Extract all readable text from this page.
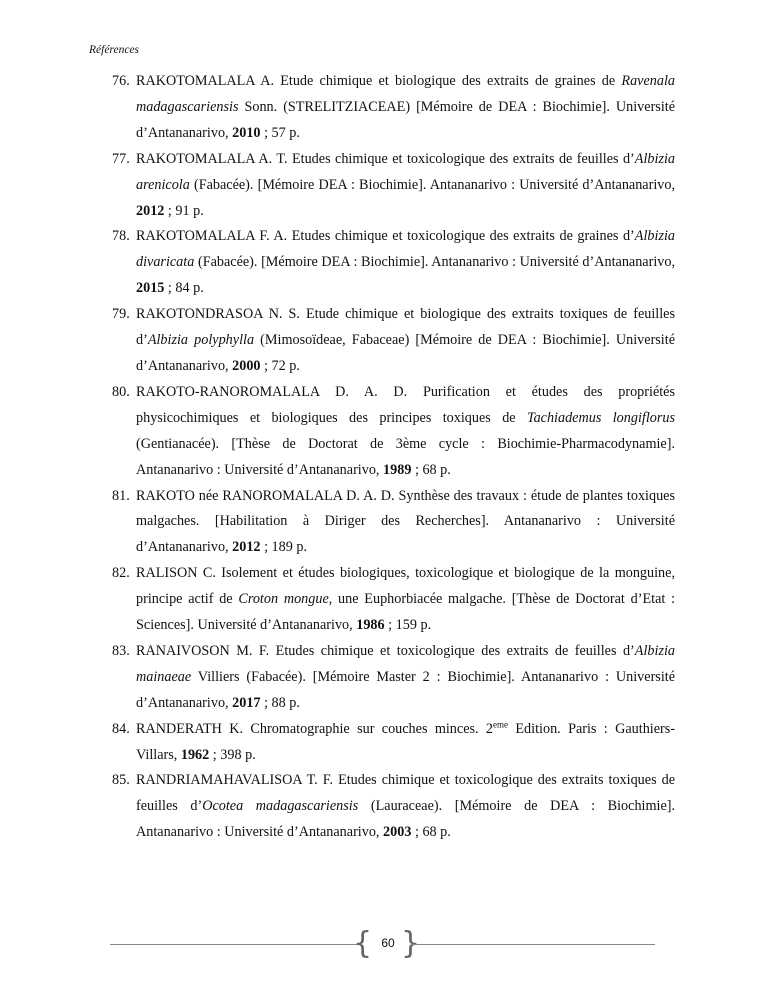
Références
76. RAKOTOMALALA A. Etude chimique et biologique des extraits de graines de Ravenala madagascariensis Sonn. (STRELITZIACEAE) [Mémoire de DEA : Biochimie]. Université d’Antananarivo, 2010 ; 57 p.
77. RAKOTOMALALA A. T. Etudes chimique et toxicologique des extraits de feuilles d’Albizia arenicola (Fabacée). [Mémoire DEA : Biochimie]. Antananarivo : Université d’Antananarivo, 2012 ; 91 p.
78. RAKOTOMALALA F. A. Etudes chimique et toxicologique des extraits de graines d’Albizia divaricata (Fabacée). [Mémoire DEA : Biochimie]. Antananarivo : Université d’Antananarivo, 2015 ; 84 p.
79. RAKOTONDRASOA N. S. Etude chimique et biologique des extraits toxiques de feuilles d’Albizia polyphylla (Mimosoïdeae, Fabaceae) [Mémoire de DEA : Biochimie]. Université d’Antananarivo, 2000 ; 72 p.
80. RAKOTO-RANOROMALALA D. A. D. Purification et études des propriétés physicochimiques et biologiques des principes toxiques de Tachiademus longiflorus (Gentianacée). [Thèse de Doctorat de 3ème cycle : Biochimie-Pharmacodynamie]. Antananarivo : Université d’Antananarivo, 1989 ; 68 p.
81. RAKOTO née RANOROMALALA D. A. D. Synthèse des travaux : étude de plantes toxiques malgaches. [Habilitation à Diriger des Recherches]. Antananarivo : Université d’Antananarivo, 2012 ; 189 p.
82. RALISON C. Isolement et études biologiques, toxicologique et biologique de la monguine, principe actif de Croton mongue, une Euphorbiacée malgache. [Thèse de Doctorat d’Etat : Sciences]. Université d’Antananarivo, 1986 ; 159 p.
83. RANAIVOSON M. F. Etudes chimique et toxicologique des extraits de feuilles d’Albizia mainaeae Villiers (Fabacée). [Mémoire Master 2 : Biochimie]. Antananarivo : Université d’Antananarivo, 2017 ; 88 p.
84. RANDERATH K. Chromatographie sur couches minces. 2eme Edition. Paris : Gauthiers-Villars, 1962 ; 398 p.
85. RANDRIAMAHAVALISOA T. F. Etudes chimique et toxicologique des extraits toxiques de feuilles d’Ocotea madagascariensis (Lauraceae). [Mémoire de DEA : Biochimie]. Antananarivo : Université d’Antananarivo, 2003 ; 68 p.
{ 60 }
